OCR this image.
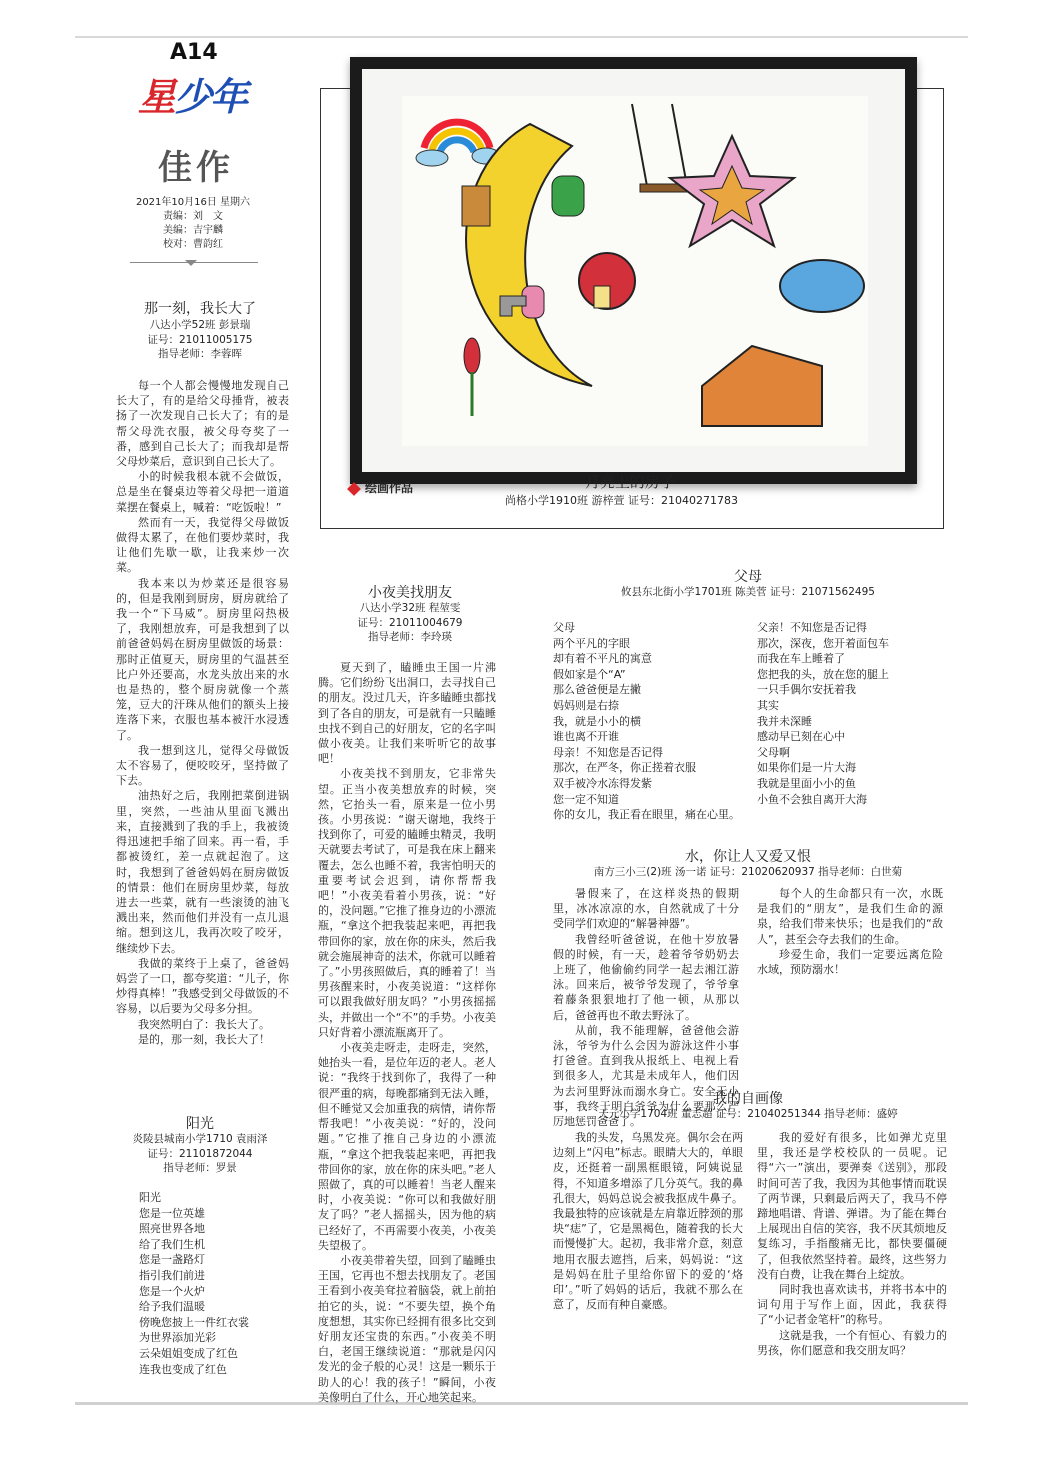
A14
星少年
佳作
2021年10月16日 星期六
责编：刘　文
美编：吉宇麟
校对：曹韵红
绘画作品	月亮上的房子
尚格小学1910班 游梓萱 证号：21040271783
那一刻，我长大了
八达小学52班 彭景瑞
证号：21011005175
指导老师：李蓉晖

每一个人都会慢慢地发现自己长大了，有的是给父母捶背，被表扬了一次发现自己长大了；有的是帮父母洗衣服，被父母夸奖了一番，感到自己长大了；而我却是帮父母炒菜后，意识到自己长大了。

小的时候我根本就不会做饭，总是坐在餐桌边等着父母把一道道菜摆在餐桌上，喊着：“吃饭啦！”

然而有一天，我觉得父母做饭做得太累了，在他们要炒菜时，我让他们先歇一歇，让我来炒一次菜。

我本来以为炒菜还是很容易的，但是我刚到厨房，厨房就给了我一个“下马威”。厨房里闷热极了，我刚想放弃，可是我想到了以前爸爸妈妈在厨房里做饭的场景：那时正值夏天，厨房里的气温甚至比户外还要高，水龙头放出来的水也是热的，整个厨房就像一个蒸笼，豆大的汗珠从他们的额头上接连落下来，衣服也基本被汗水浸透了。

我一想到这儿，觉得父母做饭太不容易了，便咬咬牙，坚持做了下去。

油热好之后，我刚把菜倒进锅里，突然，一些油从里面飞溅出来，直接溅到了我的手上，我被烫得迅速把手缩了回来。再一看，手都被烫红，差一点就起泡了。这时，我想到了爸爸妈妈在厨房做饭的情景：他们在厨房里炒菜，每放进去一些菜，就有一些滚烫的油飞溅出来，然而他们并没有一点儿退缩。想到这儿，我再次咬了咬牙，继续炒下去。

我做的菜终于上桌了，爸爸妈妈尝了一口，都夸奖道：“儿子，你炒得真棒！”我感受到父母做饭的不容易，以后要为父母多分担。

我突然明白了：我长大了。

是的，那一刻，我长大了！

阳光
炎陵县城南小学1710 袁雨泽
证号：21101872044
指导老师：罗景
阳光
您是一位英雄
照亮世界各地
给了我们生机
您是一盏路灯
指引我们前进
您是一个火炉
给予我们温暖
傍晚您披上一件红衣裳
为世界添加光彩
云朵姐姐变成了红色
连我也变成了红色
小夜美找朋友
八达小学32班 程堃雯
证号：21011004679
指导老师：李玲瑛

夏天到了，瞌睡虫王国一片沸腾。它们纷纷飞出洞口，去寻找自己的朋友。没过几天，许多瞌睡虫都找到了各自的朋友，可是就有一只瞌睡虫找不到自己的好朋友，它的名字叫做小夜美。让我们来听听它的故事吧！

小夜美找不到朋友，它非常失望。正当小夜美想放弃的时候，突然，它抬头一看，原来是一位小男孩。小男孩说：“谢天谢地，我终于找到你了，可爱的瞌睡虫精灵，我明天就要去考试了，可是我在床上翻来覆去，怎么也睡不着，我害怕明天的重要考试会迟到，请你帮帮我吧！”小夜美看着小男孩，说：“好的，没问题。”它推了推身边的小漂流瓶，“拿这个把我装起来吧，再把我带回你的家，放在你的床头，然后我就会施展神奇的法术，你就可以睡着了。”小男孩照做后，真的睡着了！当男孩醒来时，小夜美说道：“这样你可以跟我做好朋友吗？”小男孩摇摇头，并做出一个“不”的手势。小夜美只好背着小漂流瓶离开了。

小夜美走呀走，走呀走，突然，她抬头一看，是位年迈的老人。老人说：“我终于找到你了，我得了一种很严重的病，每晚都痛到无法入睡，但不睡觉又会加重我的病情，请你帮帮我吧！”小夜美说：“好的，没问题。”它推了推自己身边的小漂流瓶，“拿这个把我装起来吧，再把我带回你的家，放在你的床头吧。”老人照做了，真的可以睡着！当老人醒来时，小夜美说：“你可以和我做好朋友了吗？”老人摇摇头，因为他的病已经好了，不再需要小夜美，小夜美失望极了。

小夜美带着失望，回到了瞌睡虫王国，它再也不想去找朋友了。老国王看到小夜美耷拉着脑袋，就上前拍拍它的头，说：“不要失望，换个角度想想，其实你已经拥有很多比交到好朋友还宝贵的东西。”小夜美不明白，老国王继续说道：“那就是闪闪发光的金子般的心灵！这是一颗乐于助人的心！我的孩子！”瞬间，小夜美像明白了什么，开心地笑起来。

父母
攸县东北街小学1701班 陈美菅 证号：21071562495
父母
两个平凡的字眼
却有着不平凡的寓意
假如家是个“A”
那么爸爸便是左撇
妈妈则是右捺
我，就是小小的横
谁也离不开谁
母亲！不知您是否记得
那次，在严冬，你正搓着衣服
双手被冷水冻得发紫
您一定不知道
你的女儿，我正看在眼里，痛在心里。
父亲！不知您是否记得
那次，深夜，您开着面包车
而我在车上睡着了
您把我的头，放在您的腿上
一只手偶尔安抚着我
其实
我并未深睡
感动早已刻在心中
父母啊
如果你们是一片大海
我就是里面小小的鱼
小鱼不会独自离开大海
水，你让人又爱又恨
南方三小三(2)班 汤一诺 证号：21020620937 指导老师：白世菊

暑假来了，在这样炎热的假期里，冰冰凉凉的水，自然就成了十分受同学们欢迎的“解暑神器”。

我曾经听爸爸说，在他十岁放暑假的时候，有一天，趁着爷爷奶奶去上班了，他偷偷约同学一起去湘江游泳。回来后，被爷爷发现了，爷爷拿着藤条狠狠地打了他一顿，从那以后，爸爸再也不敢去野泳了。

从前，我不能理解，爸爸他会游泳，爷爷为什么会因为游泳这件小事打爸爸。直到我从报纸上、电视上看到很多人，尤其是未成年人，他们因为去河里野泳而溺水身亡。安全无小事，我终于明白爷爷为什么要那么严厉地惩罚爸爸了。

每个人的生命都只有一次，水既是我们的“朋友”，是我们生命的源泉，给我们带来快乐；也是我们的“敌人”，甚至会夺去我们的生命。

珍爱生命，我们一定要远离危险水域，预防溺水！

我的自画像
天元小学1704班 董志超 证号：21040251344 指导老师：盛婷

我的头发，乌黑发亮。偶尔会在两边刻上“闪电”标志。眼睛大大的，单眼皮，还挺着一副黑框眼镜，阿姨说显得，不知道多增添了几分英气。我的鼻孔很大，妈妈总说会被我抠成牛鼻子。我最独特的应该就是左肩靠近脖颈的那块“痣”了，它是黑褐色，随着我的长大而慢慢扩大。起初，我非常介意，刻意地用衣服去遮挡，后来，妈妈说：“这是妈妈在肚子里给你留下的爱的‘烙印’。”听了妈妈的话后，我就不那么在意了，反而有种自豪感。

我的爱好有很多，比如弹尤克里里，我还是学校校队的一员呢。记得“六一”演出，要弹奏《送别》，那段时间可苦了我，我因为其他事情而耽误了两节课，只剩最后两天了，我马不停蹄地唱谱、背谱、弹谱。为了能在舞台上展现出自信的笑容，我不厌其烦地反复练习，手指酸痛无比，都快要僵硬了，但我依然坚持着。最终，这些努力没有白费，让我在舞台上绽放。

同时我也喜欢读书，并将书本中的词句用于写作上面，因此，我获得了“小记者金笔杆”的称号。

这就是我，一个有恒心、有毅力的男孩，你们愿意和我交朋友吗？
